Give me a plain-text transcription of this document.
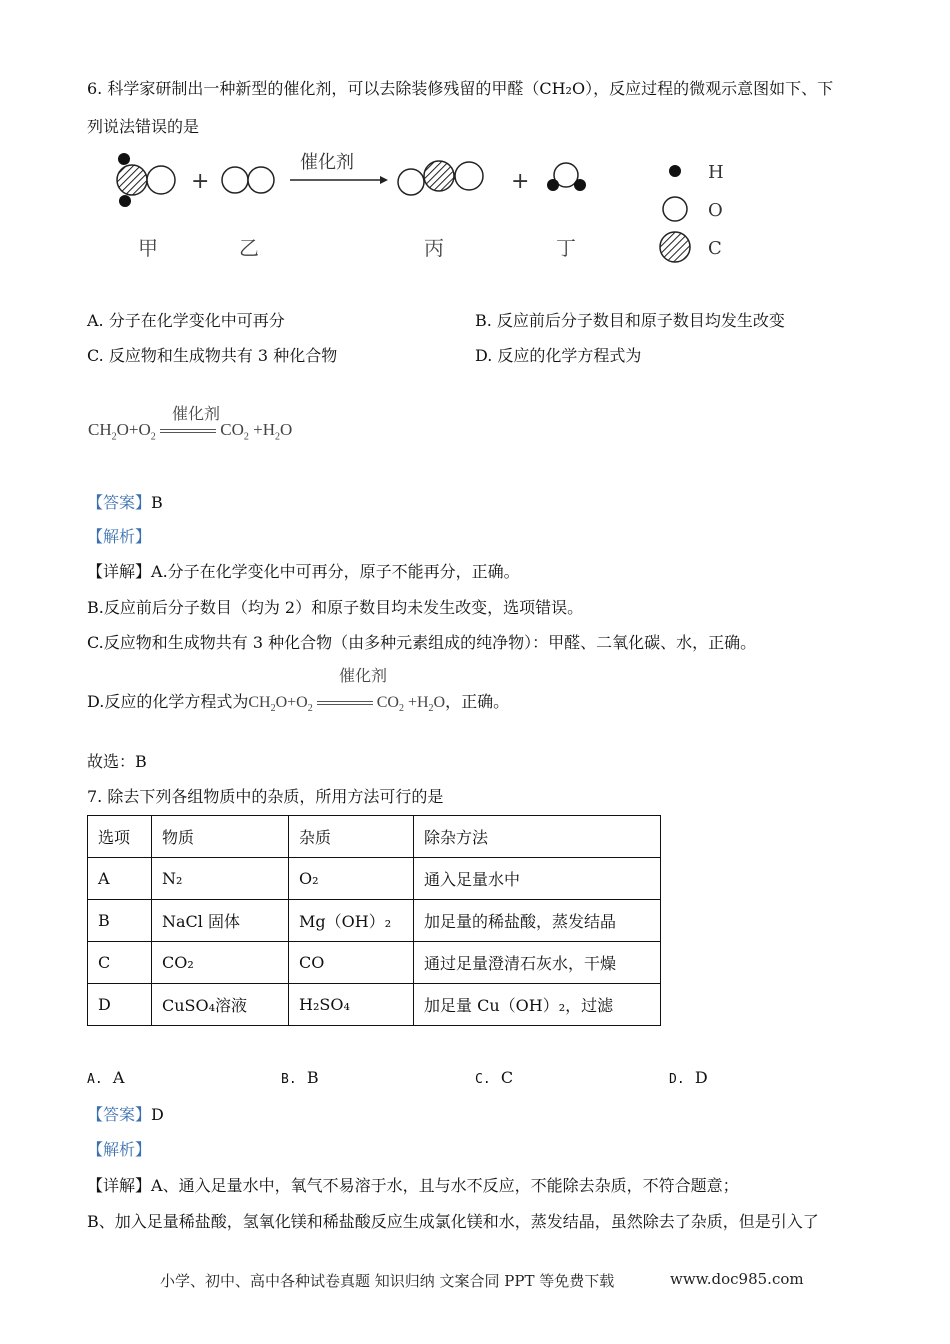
6. 科学家研制出一种新型的催化剂，可以去除装修残留的甲醛（CH₂O），反应过程的微观示意图如下、下
列说法错误的是
+
催化剂
+	H
O
C
甲	乙	丙	丁
A. 分子在化学变化中可再分	B. 反应前后分子数目和原子数目均发生改变
C. 反应物和生成物共有 3 种化合物	D. 反应的化学方程式为
$CH_2O+O_2$	$CO_2 +H_2O$
催化剂
【答案】B
【解析】
【详解】A.分子在化学变化中可再分，原子不能再分，正确。
B.反应前后分子数目（均为 2）和原子数目均未发生改变，选项错误。
C.反应物和生成物共有 3 种化合物（由多种元素组成的纯净物）：甲醛、二氧化碳、水，正确。
D.反应的化学方程式为$CH_2O+O_2$	$CO_2 +H_2O$，正确。
催化剂
故选：B
7. 除去下列各组物质中的杂质，所用方法可行的是
选项	物质	杂质	除杂方法
A	N₂	O₂	通入足量水中
B	NaCl 固体	Mg（OH）₂	加足量的稀盐酸，蒸发结晶
C	CO₂	CO	通过足量澄清石灰水，干燥
D	CuSO₄溶液	H₂SO₄	加足量 Cu（OH）₂，过滤
A. A	B. B	C. C	D. D
【答案】D
【解析】
【详解】A、通入足量水中，氧气不易溶于水，且与水不反应，不能除去杂质，不符合题意；
B、加入足量稀盐酸，氢氧化镁和稀盐酸反应生成氯化镁和水，蒸发结晶，虽然除去了杂质，但是引入了
小学、初中、高中各种试卷真题 知识归纳 文案合同 PPT 等免费下载	www.doc985.com
